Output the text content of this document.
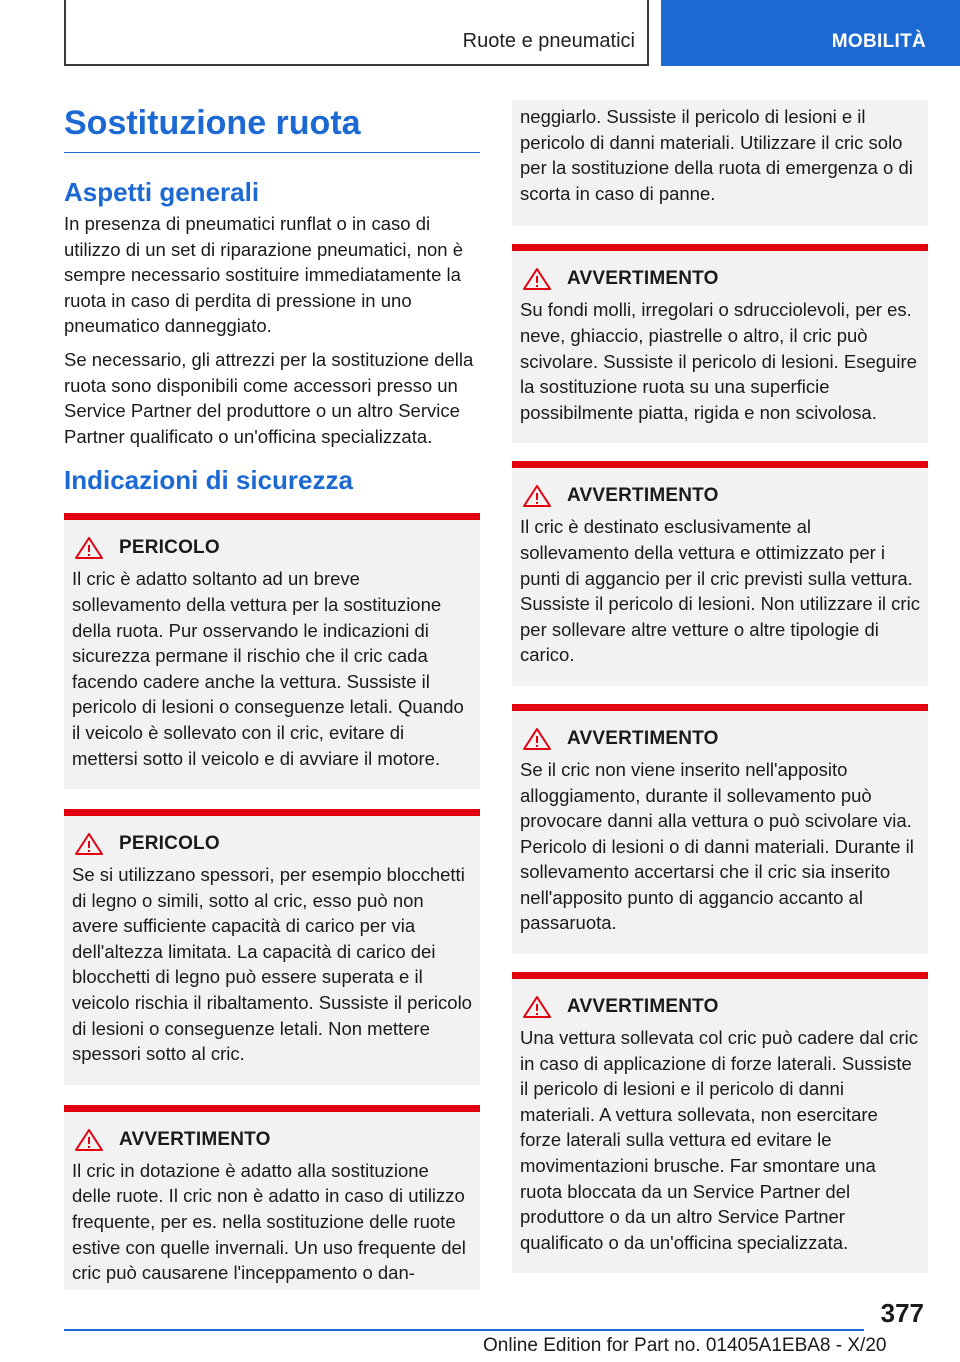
Ruote e pneumatici	MOBILITÀ
Sostituzione ruota
Aspetti generali

In presenza di pneumatici runflat o in caso di utilizzo di un set di riparazione pneumatici, non è sempre necessario sostituire immediatamente la ruota in caso di perdita di pressione in uno pneumatico danneggiato.

Se necessario, gli attrezzi per la sostituzione della ruota sono disponibili come accessori presso un Service Partner del produttore o un altro Service Partner qualificato o un'officina specializzata.

Indicazioni di sicurezza
PERICOLO

Il cric è adatto soltanto ad un breve sollevamento della vettura per la sostituzione della ruota. Pur osservando le indicazioni di sicurezza permane il rischio che il cric cada facendo cadere anche la vettura. Sussiste il pericolo di lesioni o conseguenze letali. Quando il veicolo è sollevato con il cric, evitare di mettersi sotto il veicolo e di avviare il motore.

PERICOLO

Se si utilizzano spessori, per esempio blocchetti di legno o simili, sotto al cric, esso può non avere sufficiente capacità di carico per via dell'altezza limitata. La capacità di carico dei blocchetti di legno può essere superata e il veicolo rischia il ribaltamento. Sussiste il pericolo di lesioni o conseguenze letali. Non mettere spessori sotto al cric.

AVVERTIMENTO

Il cric in dotazione è adatto alla sostituzione delle ruote. Il cric non è adatto in caso di utilizzo frequente, per es. nella sostituzione delle ruote estive con quelle invernali. Un uso frequente del cric può causarene l'inceppamento o dan-

neggiarlo. Sussiste il pericolo di lesioni e il pericolo di danni materiali. Utilizzare il cric solo per la sostituzione della ruota di emergenza o di scorta in caso di panne.

AVVERTIMENTO

Su fondi molli, irregolari o sdrucciolevoli, per es. neve, ghiaccio, piastrelle o altro, il cric può scivolare. Sussiste il pericolo di lesioni. Eseguire la sostituzione ruota su una superficie possibilmente piatta, rigida e non scivolosa.

AVVERTIMENTO

Il cric è destinato esclusivamente al sollevamento della vettura e ottimizzato per i punti di aggancio per il cric previsti sulla vettura. Sussiste il pericolo di lesioni. Non utilizzare il cric per sollevare altre vetture o altre tipologie di carico.

AVVERTIMENTO

Se il cric non viene inserito nell'apposito alloggiamento, durante il sollevamento può provocare danni alla vettura o può scivolare via. Pericolo di lesioni o di danni materiali. Durante il sollevamento accertarsi che il cric sia inserito nell'apposito punto di aggancio accanto al passaruota.

AVVERTIMENTO

Una vettura sollevata col cric può cadere dal cric in caso di applicazione di forze laterali. Sussiste il pericolo di lesioni e il pericolo di danni materiali. A vettura sollevata, non esercitare forze laterali sulla vettura ed evitare le movimentazioni brusche. Far smontare una ruota bloccata da un Service Partner del produttore o da un altro Service Partner qualificato o da un'officina specializzata.

377
Online Edition for Part no. 01405A1EBA8 - X/20
